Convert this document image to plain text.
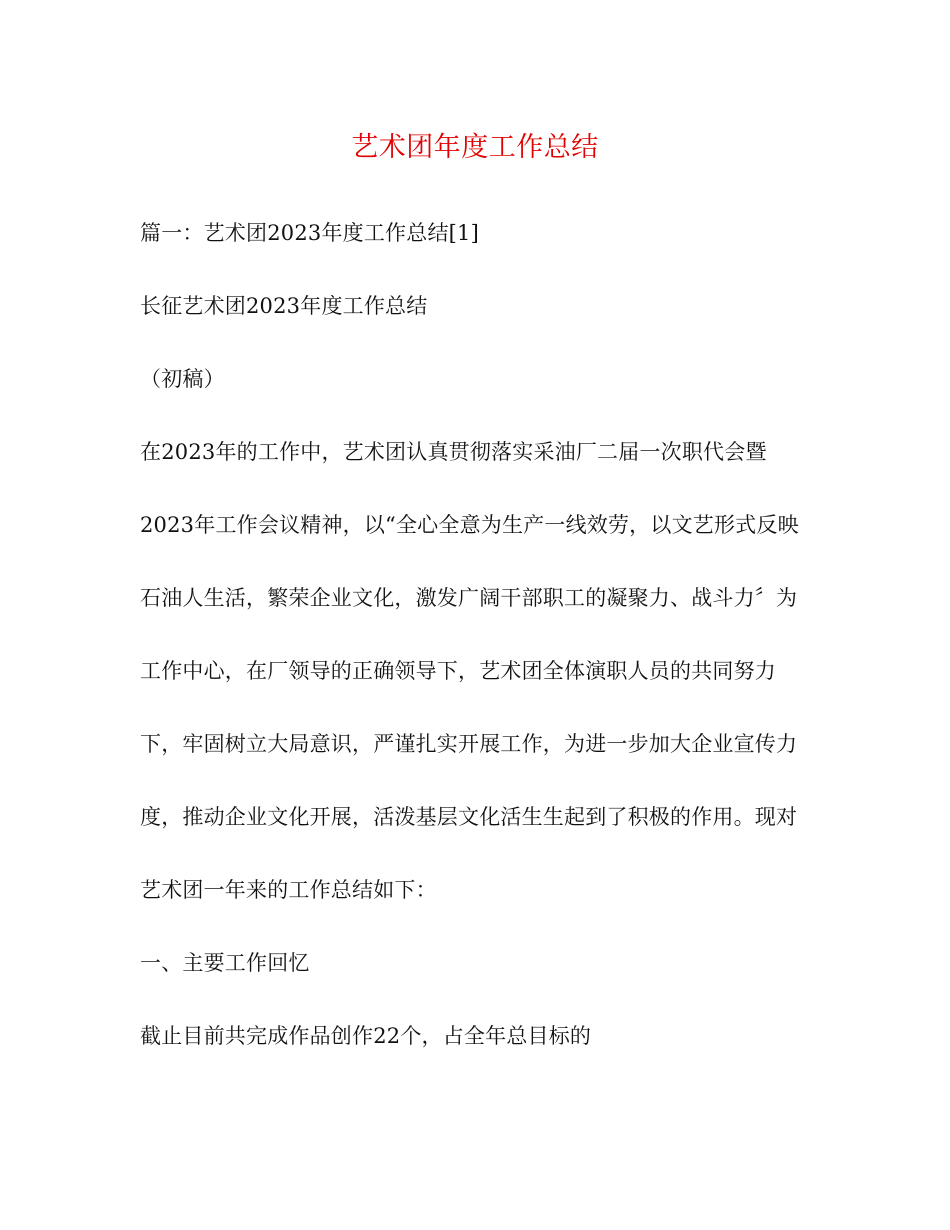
艺术团年度工作总结
篇一：艺术团2023年度工作总结[1]
长征艺术团2023年度工作总结
（初稿）
在2023年的工作中，艺术团认真贯彻落实采油厂二届一次职代会暨
2023年工作会议精神，以“全心全意为生产一线效劳，以文艺形式反映
石油人生活，繁荣企业文化，激发广阔干部职工的凝聚力、战斗力〞为
工作中心，在厂领导的正确领导下，艺术团全体演职人员的共同努力
下，牢固树立大局意识，严谨扎实开展工作，为进一步加大企业宣传力
度，推动企业文化开展，活泼基层文化活生生起到了积极的作用。现对
艺术团一年来的工作总结如下：
一、主要工作回忆
截止目前共完成作品创作22个，占全年总目标的
